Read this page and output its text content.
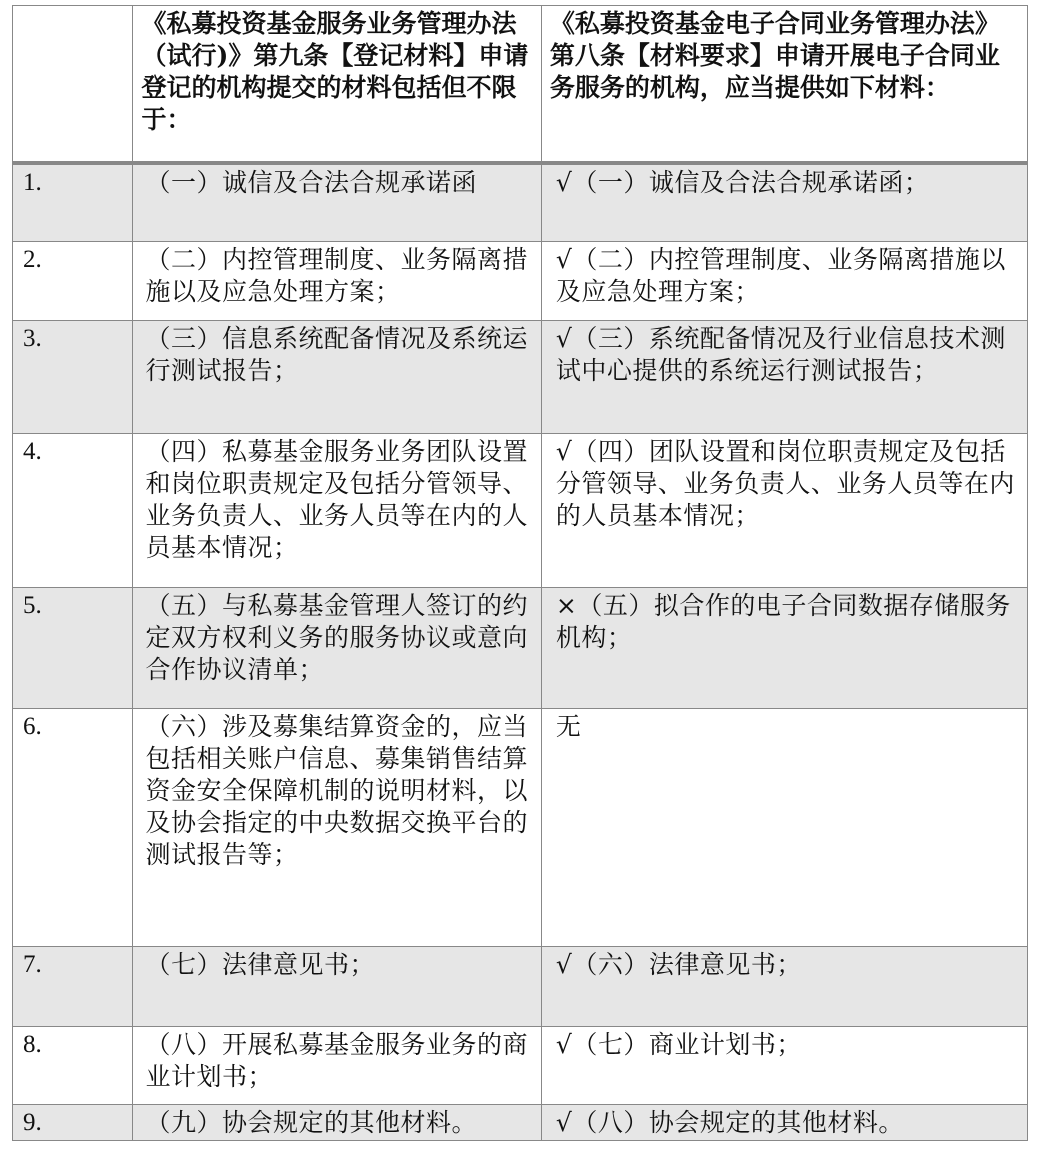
	《私募投资基金服务业务管理办法（试行)》第九条【登记材料】申请登记的机构提交的材料包括但不限于：	《私募投资基金电子合同业务管理办法》第八条【材料要求】申请开展电子合同业务服务的机构，应当提供如下材料：
1.	（一）诚信及合法合规承诺函	√（一）诚信及合法合规承诺函；
2.	（二）内控管理制度、业务隔离措施以及应急处理方案；	√（二）内控管理制度、业务隔离措施以及应急处理方案；
3.	（三）信息系统配备情况及系统运行测试报告；	√（三）系统配备情况及行业信息技术测试中心提供的系统运行测试报告；
4.	（四）私募基金服务业务团队设置和岗位职责规定及包括分管领导、业务负责人、业务人员等在内的人员基本情况；	√（四）团队设置和岗位职责规定及包括分管领导、业务负责人、业务人员等在内的人员基本情况；
5.	（五）与私募基金管理人签订的约定双方权利义务的服务协议或意向合作协议清单；	×（五）拟合作的电子合同数据存储服务机构；
6.	（六）涉及募集结算资金的，应当包括相关账户信息、募集销售结算资金安全保障机制的说明材料，以及协会指定的中央数据交换平台的测试报告等；	无
7.	（七）法律意见书；	√（六）法律意见书；
8.	（八）开展私募基金服务业务的商业计划书；	√（七）商业计划书；
9.	（九）协会规定的其他材料。	√（八）协会规定的其他材料。
